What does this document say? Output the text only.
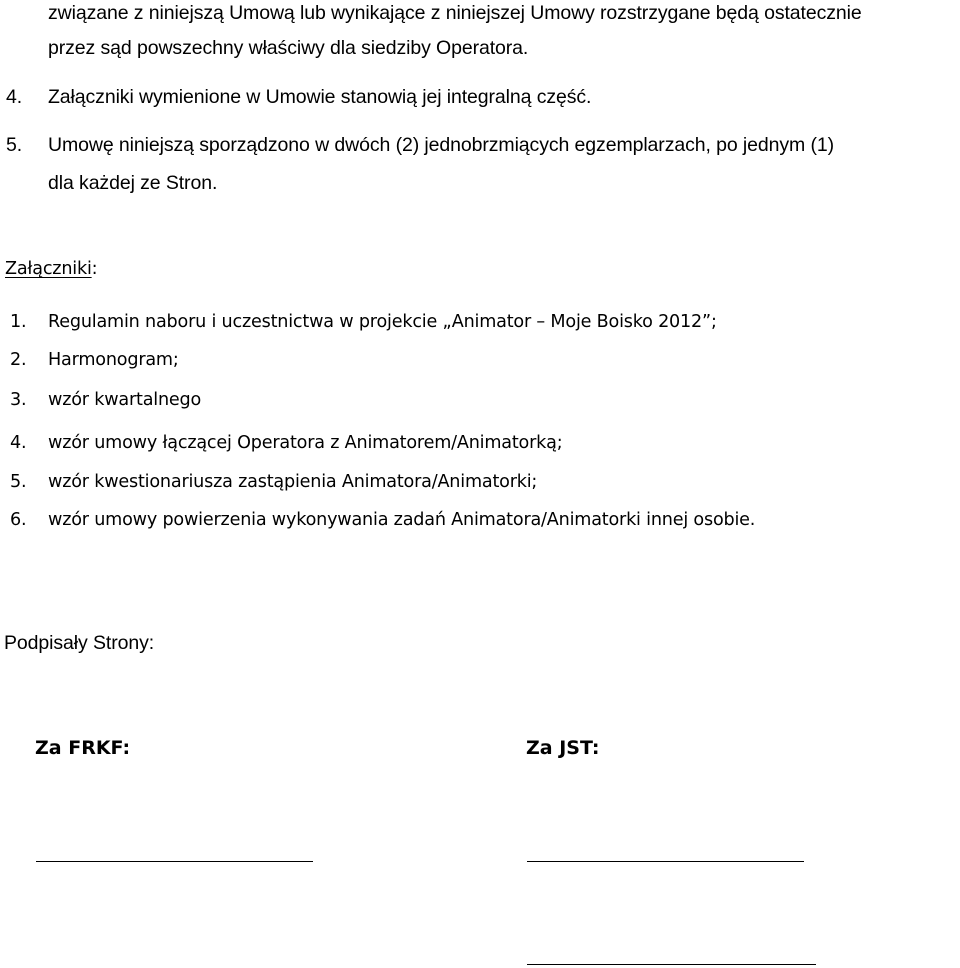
związane z niniejszą Umową lub wynikające z niniejszej Umowy rozstrzygane będą ostatecznie
przez sąd powszechny właściwy dla siedziby Operatora.
4. Załączniki wymienione w Umowie stanowią jej integralną część.
5. Umowę niniejszą sporządzono w dwóch (2) jednobrzmiących egzemplarzach, po jednym (1)
dla każdej ze Stron.
Załączniki:
1. Regulamin naboru i uczestnictwa w projekcie „Animator – Moje Boisko 2012”;
2. Harmonogram;
3. wzór kwartalnego
4. wzór umowy łączącej Operatora z Animatorem/Animatorką;
5. wzór kwestionariusza zastąpienia Animatora/Animatorki;
6. wzór umowy powierzenia wykonywania zadań Animatora/Animatorki innej osobie.
Podpisały Strony:
Za FRKF:	Za JST:
